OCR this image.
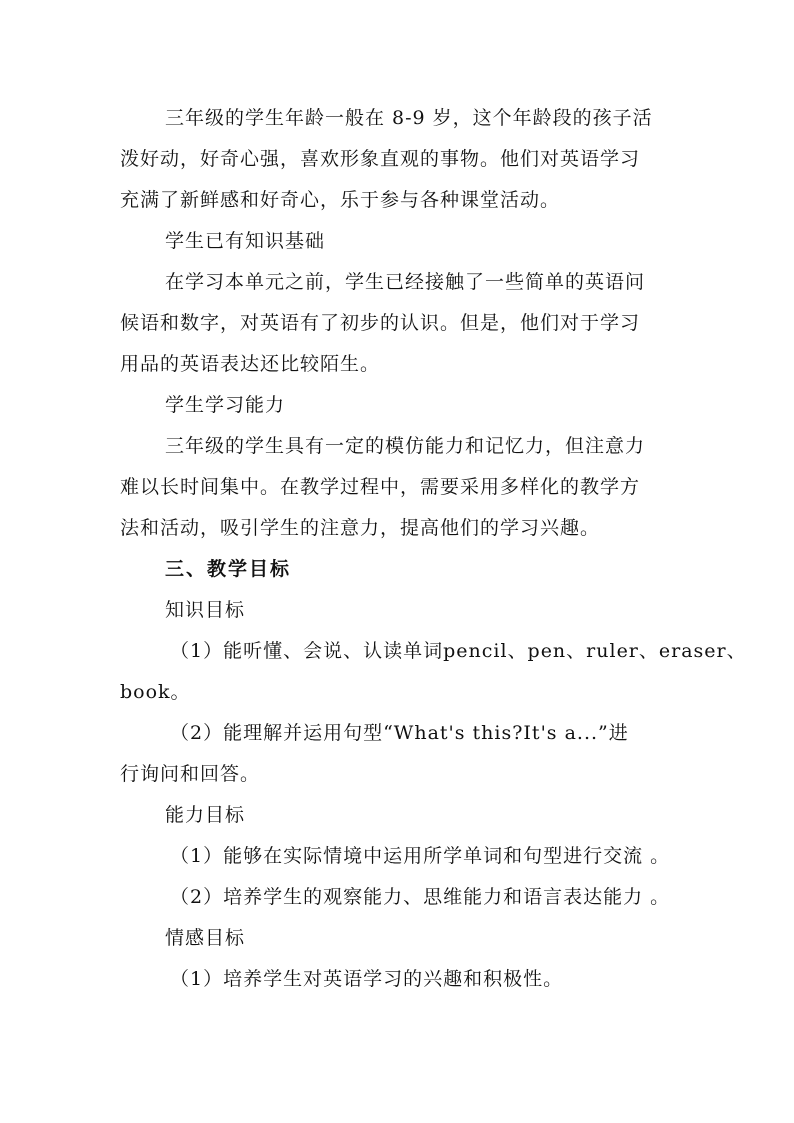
三年级的学生年龄一般在 8-9 岁，这个年龄段的孩子活
泼好动，好奇心强，喜欢形象直观的事物。他们对英语学习
充满了新鲜感和好奇心，乐于参与各种课堂活动。
学生已有知识基础
在学习本单元之前，学生已经接触了一些简单的英语问
候语和数字，对英语有了初步的认识。但是，他们对于学习
用品的英语表达还比较陌生。
学生学习能力
三年级的学生具有一定的模仿能力和记忆力，但注意力
难以长时间集中。在教学过程中，需要采用多样化的教学方
法和活动，吸引学生的注意力，提高他们的学习兴趣。
三、教学目标
知识目标
（1）能听懂、会说、认读单词pencil、pen、ruler、eraser、
book。
（2）能理解并运用句型“What's this?It's a...”进
行询问和回答。
能力目标
（1）能够在实际情境中运用所学单词和句型进行交流 。
（2）培养学生的观察能力、思维能力和语言表达能力 。
情感目标
（1）培养学生对英语学习的兴趣和积极性。
